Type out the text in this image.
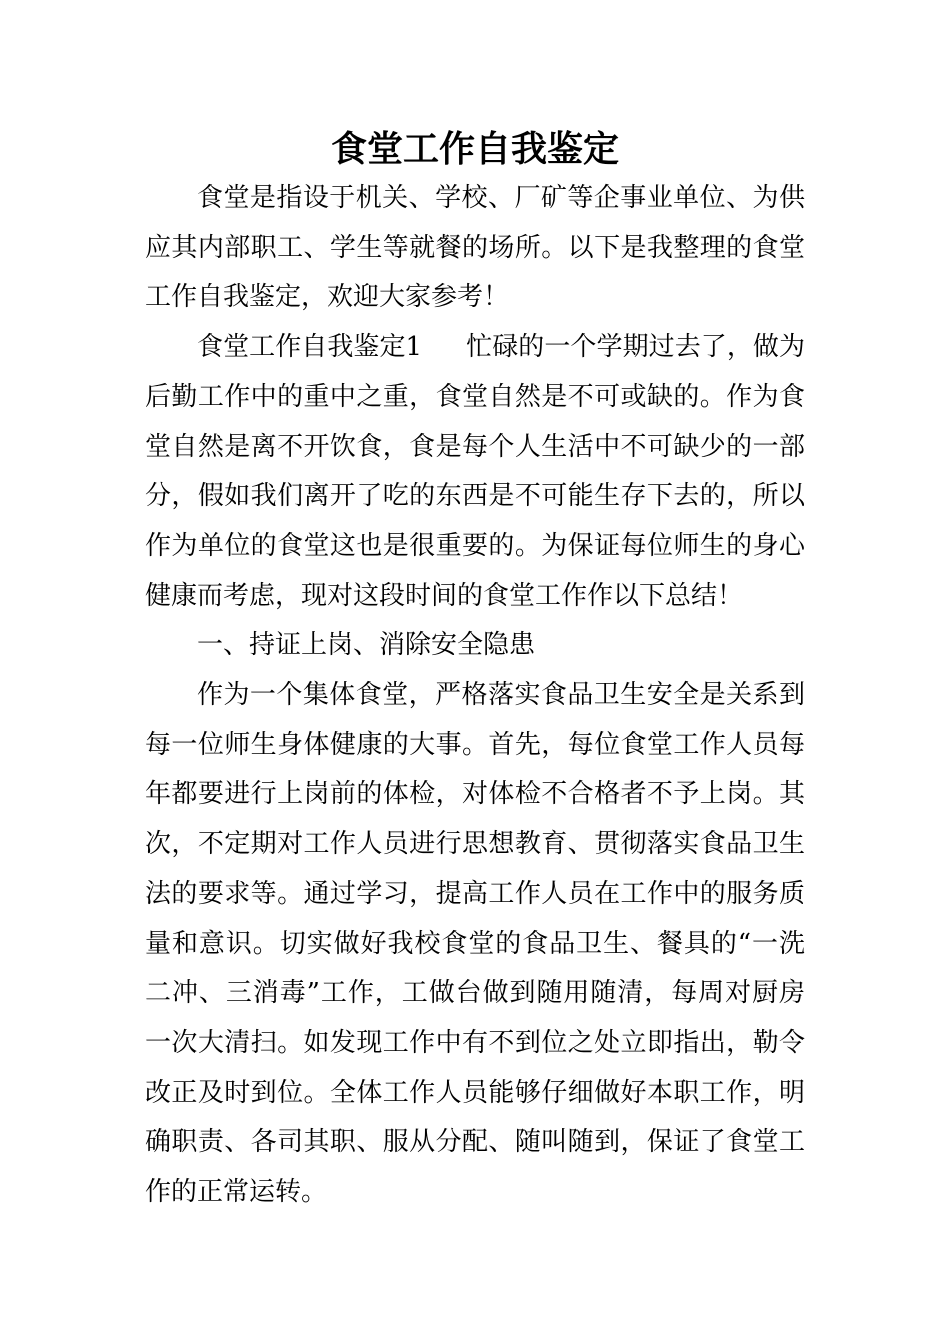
食堂工作自我鉴定

食堂是指设于机关、学校、厂矿等企事业单位、为供应其内部职工、学生等就餐的场所。以下是我整理的食堂工作自我鉴定，欢迎大家参考！

食堂工作自我鉴定1 忙碌的一个学期过去了，做为后勤工作中的重中之重，食堂自然是不可或缺的。作为食堂自然是离不开饮食，食是每个人生活中不可缺少的一部分，假如我们离开了吃的东西是不可能生存下去的，所以作为单位的食堂这也是很重要的。为保证每位师生的身心健康而考虑，现对这段时间的食堂工作作以下总结！

一、持证上岗、消除安全隐患

作为一个集体食堂，严格落实食品卫生安全是关系到每一位师生身体健康的大事。首先，每位食堂工作人员每年都要进行上岗前的体检，对体检不合格者不予上岗。其次，不定期对工作人员进行思想教育、贯彻落实食品卫生法的要求等。通过学习，提高工作人员在工作中的服务质量和意识。切实做好我校食堂的食品卫生、餐具的“一洗二冲、三消毒”工作，工做台做到随用随清，每周对厨房一次大清扫。如发现工作中有不到位之处立即指出，勒令改正及时到位。全体工作人员能够仔细做好本职工作，明确职责、各司其职、服从分配、随叫随到，保证了食堂工作的正常运转。
